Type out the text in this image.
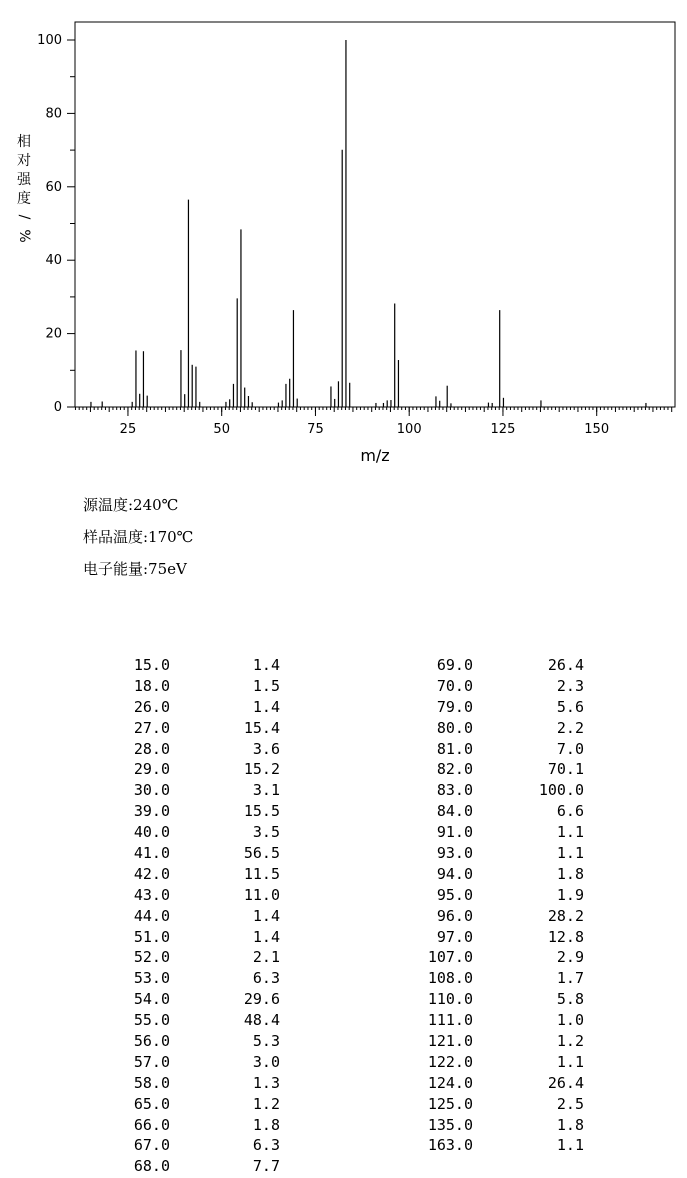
25	50	75	100	125	150
0
20
40
60
80
100
m/z
相
对
强
度
/
%
源温度:240℃
样品温度:170℃
电子能量:75eV
15.0	1.4
18.0	1.5
26.0	1.4
27.0	15.4
28.0	3.6
29.0	15.2
30.0	3.1
39.0	15.5
40.0	3.5
41.0	56.5
42.0	11.5
43.0	11.0
44.0	1.4
51.0	1.4
52.0	2.1
53.0	6.3
54.0	29.6
55.0	48.4
56.0	5.3
57.0	3.0
58.0	1.3
65.0	1.2
66.0	1.8
67.0	6.3
68.0	7.7
69.0	26.4
70.0	2.3
79.0	5.6
80.0	2.2
81.0	7.0
82.0	70.1
83.0	100.0
84.0	6.6
91.0	1.1
93.0	1.1
94.0	1.8
95.0	1.9
96.0	28.2
97.0	12.8
107.0	2.9
108.0	1.7
110.0	5.8
111.0	1.0
121.0	1.2
122.0	1.1
124.0	26.4
125.0	2.5
135.0	1.8
163.0	1.1
